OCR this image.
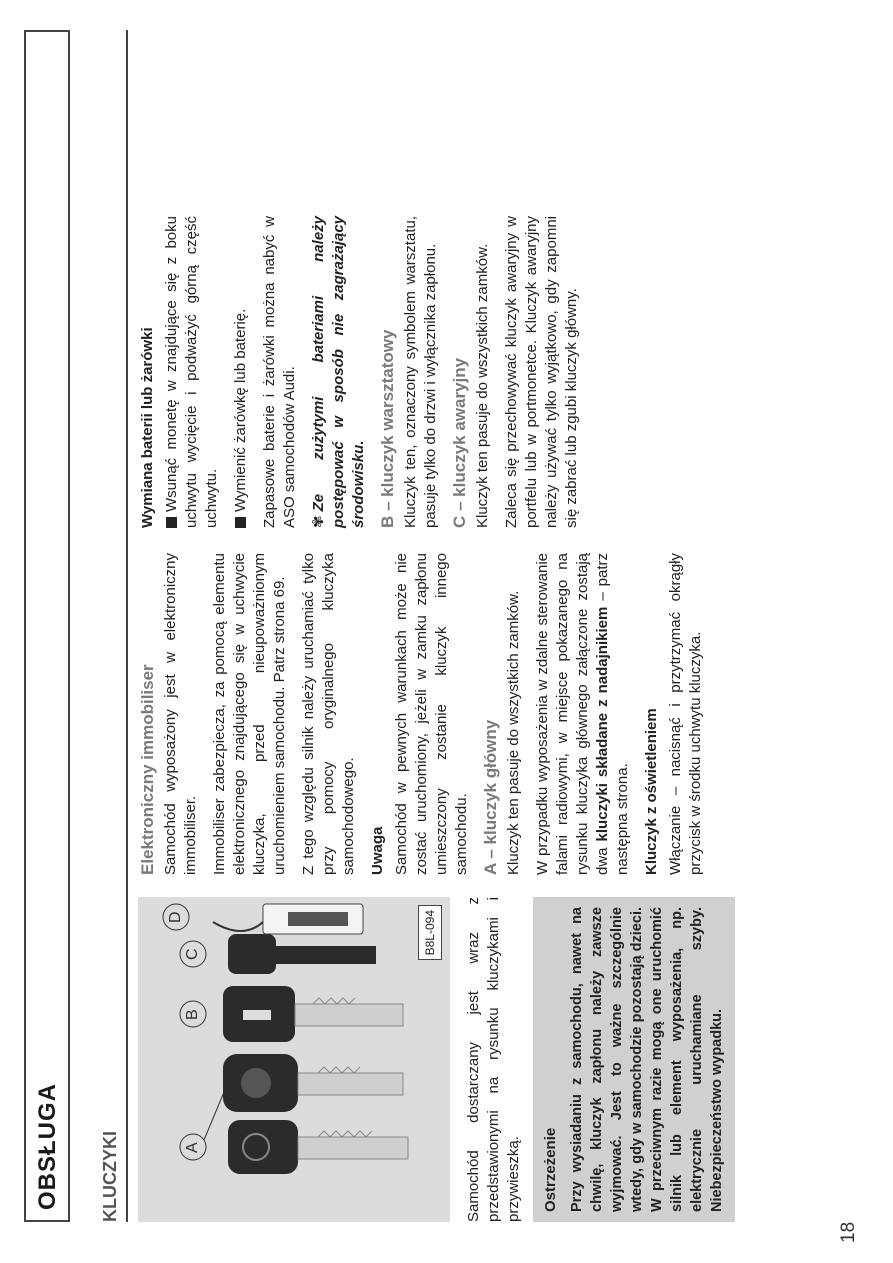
18
OBSŁUGA KLUCZYKI	A
B
C
D	B8L-094	Samochód dostarczany jest wraz z przedstawionymi na rysunku kluczykami i przywieszką. Ostrzeżenie Przy wysiadaniu z samochodu, nawet na chwilę, kluczyk zapłonu należy zawsze wyjmować. Jest to ważne szczególnie wtedy, gdy w samochodzie pozostają dzieci. W przeciwnym razie mogą one uruchomić silnik lub element wyposażenia, np. elektrycznie uruchamiane szyby. Niebezpieczeństwo wypadku.
Elektroniczny immobiliser Samochód wyposażony jest w elektroniczny immobiliser. Immobiliser zabezpiecza, za pomocą elementu elektronicznego znajdującego się w uchwycie kluczyka, przed nieupoważnionym uruchomieniem samochodu. Patrz strona 69. Z tego względu silnik należy uruchamiać tylko przy pomocy oryginalnego kluczyka samochodowego. Uwaga Samochód w pewnych warunkach może nie zostać uruchomiony, jeżeli w zamku zapłonu umieszczony zostanie kluczyk innego samochodu. A – kluczyk główny Kluczyk ten pasuje do wszystkich zamków. W przypadku wyposażenia w zdalne sterowanie falami radiowymi, w miejsce pokazanego na rysunku kluczyka głównego załączone zostają dwa kluczyki składane z nadajnikiem – patrz następna strona. Kluczyk z oświetleniem Włączanie – nacisnąć i przytrzymać okrągły przycisk w środku uchwytu kluczyka.

Wymiana baterii lub żarówki Wsunąć monetę w znajdujące się z boku uchwytu wycięcie i podważyć górną część uchwytu. Wymienić żarówkę lub baterię. Zapasowe baterie i żarówki można nabyć w ASO samochodów Audi. ✾Ze zużytymi bateriami należy postępować w sposób nie zagrażający środowisku. B – kluczyk warsztatowy Kluczyk ten, oznaczony symbolem warsztatu, pasuje tylko do drzwi i wyłącznika zapłonu. C – kluczyk awaryjny Kluczyk ten pasuje do wszystkich zamków. Zaleca się przechowywać kluczyk awaryjny w portfelu lub w portmonetce. Kluczyk awaryjny należy używać tylko wyjątkowo, gdy zapomni się zabrać lub zgubi kluczyk główny.
